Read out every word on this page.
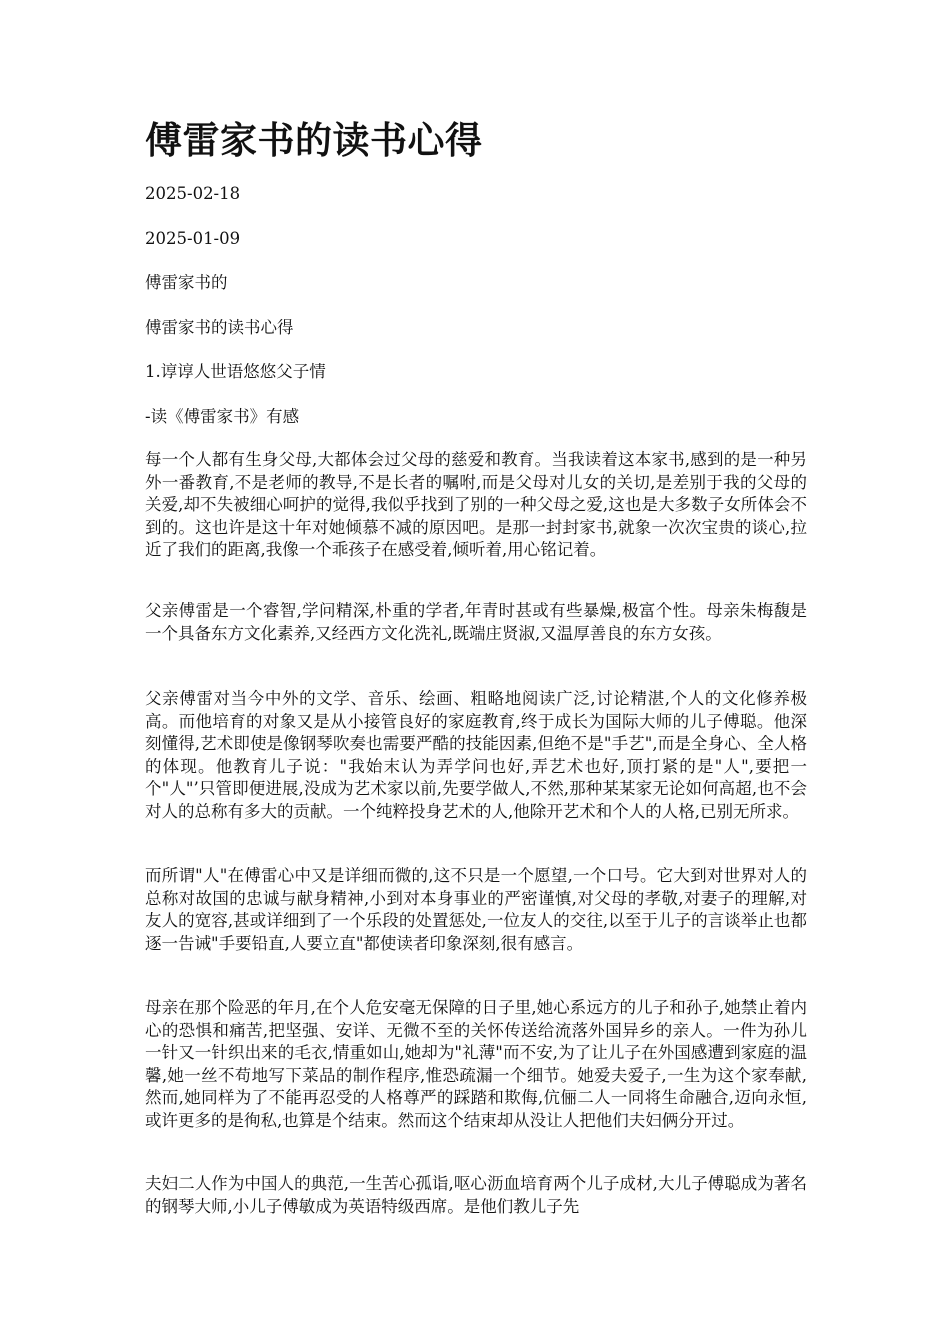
傅雷家书的读书心得

2025-02-18

2025-01-09

傅雷家书的

傅雷家书的读书心得

1.谆谆人世语悠悠父子情

-读《傅雷家书》有感

每一个人都有生身父母,大都体会过父母的慈爱和教育。当我读着这本家书,感到的是一种另外一番教育,不是老师的教导,不是长者的嘱咐,而是父母对儿女的关切,是差别于我的父母的关爱,却不失被细心呵护的觉得,我似乎找到了别的一种父母之爱,这也是大多数子女所体会不到的。这也许是这十年对她倾慕不减的原因吧。是那一封封家书,就象一次次宝贵的谈心,拉近了我们的距离,我像一个乖孩子在感受着,倾听着,用心铭记着。

父亲傅雷是一个睿智,学问精深,朴重的学者,年青时甚或有些暴燥,极富个性。母亲朱梅馥是一个具备东方文化素养,又经西方文化洗礼,既端庄贤淑,又温厚善良的东方女孩。

父亲傅雷对当今中外的文学、音乐、绘画、粗略地阅读广泛,讨论精湛,个人的文化修养极高。而他培育的对象又是从小接管良好的家庭教育,终于成长为国际大师的儿子傅聪。他深刻懂得,艺术即使是像钢琴吹奏也需要严酷的技能因素,但绝不是"手艺",而是全身心、全人格的体现。他教育儿子说："我始末认为弄学问也好,弄艺术也好,顶打紧的是"人",要把一个"人"’只管即便进展,没成为艺术家以前,先要学做人,不然,那种某某家无论如何高超,也不会对人的总称有多大的贡献。一个纯粹投身艺术的人,他除开艺术和个人的人格,已别无所求。

而所谓"人"在傅雷心中又是详细而微的,这不只是一个愿望,一个口号。它大到对世界对人的总称对故国的忠诚与献身精神,小到对本身事业的严密谨慎,对父母的孝敬,对妻子的理解,对友人的宽容,甚或详细到了一个乐段的处置惩处,一位友人的交往,以至于儿子的言谈举止也都逐一告诫"手要铅直,人要立直"都使读者印象深刻,很有感言。

母亲在那个险恶的年月,在个人危安毫无保障的日子里,她心系远方的儿子和孙子,她禁止着内心的恐惧和痛苦,把坚强、安详、无微不至的关怀传送给流落外国异乡的亲人。一件为孙儿一针又一针织出来的毛衣,情重如山,她却为"礼薄"而不安,为了让儿子在外国感遭到家庭的温馨,她一丝不苟地写下菜品的制作程序,惟恐疏漏一个细节。她爱夫爱子,一生为这个家奉献,然而,她同样为了不能再忍受的人格尊严的踩踏和欺侮,伉俪二人一同将生命融合,迈向永恒,或许更多的是徇私,也算是个结束。然而这个结束却从没让人把他们夫妇俩分开过。

夫妇二人作为中国人的典范,一生苦心孤诣,呕心沥血培育两个儿子成材,大儿子傅聪成为著名的钢琴大师,小儿子傅敏成为英语特级西席。是他们教儿子先
